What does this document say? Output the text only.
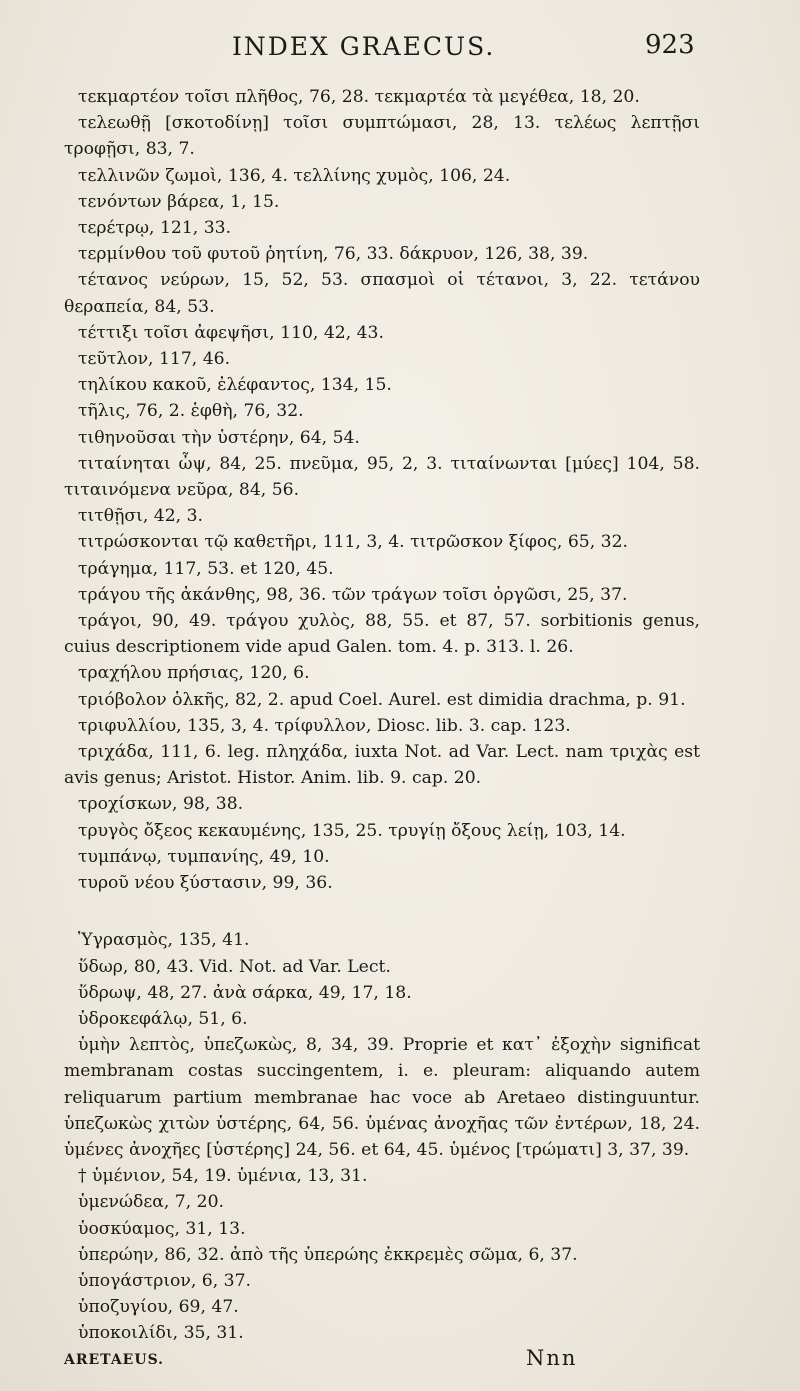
INDEX GRAECUS.	923

τεκμαρτέον τοῖσι πλῆθος, 76, 28. τεκμαρτέα τὰ μεγέθεα, 18, 20.

τελεωθῇ [σκοτοδίνῃ] τοῖσι συμπτώμασι, 28, 13. τελέως λεπτῇσι τροφῇσι, 83, 7.

τελλινῶν ζωμοὶ, 136, 4. τελλίνης χυμὸς, 106, 24.

τενόντων βάρεα, 1, 15.

τερέτρῳ, 121, 33.

τερμίνθου τοῦ φυτοῦ ῥητίνη, 76, 33. δάκρυον, 126, 38, 39.

τέτανος νεύρων, 15, 52, 53. σπασμοὶ οἱ τέτανοι, 3, 22. τετάνου θεραπεία, 84, 53.

τέττιξι τοῖσι ἀφεψῆσι, 110, 42, 43.

τεῦτλον, 117, 46.

τηλίκου κακοῦ, ἐλέφαντος, 134, 15.

τῆλις, 76, 2. ἑφθὴ, 76, 32.

τιθηνοῦσαι τὴν ὑστέρην, 64, 54.

τιταίνηται ὦψ, 84, 25. πνεῦμα, 95, 2, 3. τιταίνωνται [μύες] 104, 58. τιταινόμενα νεῦρα, 84, 56.

τιτθῇσι, 42, 3.

τιτρώσκονται τῷ καθετῆρι, 111, 3, 4. τιτρῶσκον ξίφος, 65, 32.

τράγημα, 117, 53. et 120, 45.

τράγου τῆς ἀκάνθης, 98, 36. τῶν τράγων τοῖσι ὀργῶσι, 25, 37.

τράγοι, 90, 49. τράγου χυλὸς, 88, 55. et 87, 57. sorbitionis genus, cuius descriptionem vide apud Galen. tom. 4. p. 313. l. 26.

τραχήλου πρήσιας, 120, 6.

τριόβολον ὁλκῆς, 82, 2. apud Coel. Aurel. est dimidia drachma, p. 91.

τριφυλλίου, 135, 3, 4. τρίφυλλον, Diosc. lib. 3. cap. 123.

τριχάδα, 111, 6. leg. πληχάδα, iuxta Not. ad Var. Lect. nam τριχὰς est avis genus; Aristot. Histor. Anim. lib. 9. cap. 20.

τροχίσκων, 98, 38.

τρυγὸς ὄξεος κεκαυμένης, 135, 25. τρυγίῃ ὄξους λείῃ, 103, 14.

τυμπάνῳ, τυμπανίης, 49, 10.

τυροῦ νέου ξύστασιν, 99, 36.

Ὑγρασμὸς, 135, 41.

ὕδωρ, 80, 43. Vid. Not. ad Var. Lect.

ὕδρωψ, 48, 27. ἀνὰ σάρκα, 49, 17, 18.

ὑδροκεφάλῳ, 51, 6.

ὑμὴν λεπτὸς, ὑπεζωκὼς, 8, 34, 39. Proprie et κατ᾽ ἐξοχὴν significat membranam costas succingentem, i. e. pleuram: aliquando autem reliquarum partium membranae hac voce ab Aretaeo distinguuntur. ὑπεζωκὼς χιτὼν ὑστέρης, 64, 56. ὑμένας ἀνοχῆας τῶν ἐντέρων, 18, 24. ὑμένες ἀνοχῆες [ὑστέρης] 24, 56. et 64, 45. ὑμένος [τρώματι] 3, 37, 39.

† ὑμένιον, 54, 19. ὑμένια, 13, 31.

ὑμενώδεα, 7, 20.

ὑοσκύαμος, 31, 13.

ὑπερώην, 86, 32. ἀπὸ τῆς ὑπερώης ἐκκρεμὲς σῶμα, 6, 37.

ὑπογάστριον, 6, 37.

ὑποζυγίου, 69, 47.

ὑποκοιλίδι, 35, 31.

ARETAEUS.	Nnn
